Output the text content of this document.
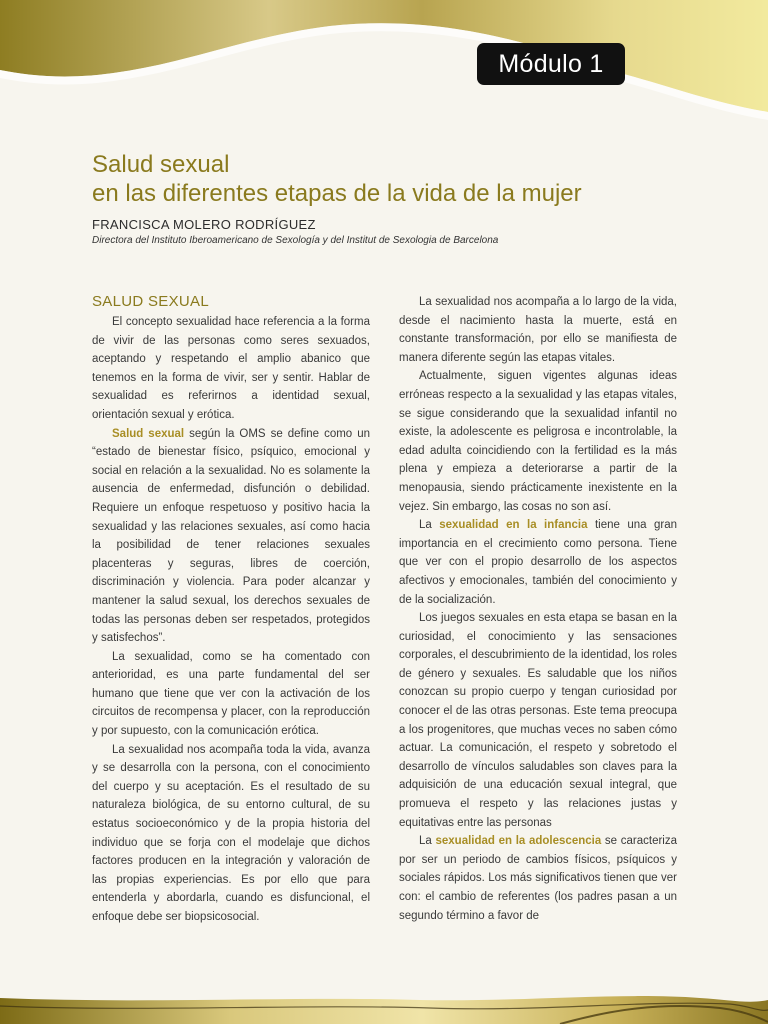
Módulo 1
Salud sexual
en las diferentes etapas de la vida de la mujer
FRANCISCA MOLERO RODRÍGUEZ
Directora del Instituto Iberoamericano de Sexología y del Institut de Sexologia de Barcelona
SALUD SEXUAL

El concepto sexualidad hace referencia a la forma de vivir de las personas como seres sexuados, aceptando y respetando el amplio abanico que tenemos en la forma de vivir, ser y sentir. Hablar de sexualidad es referirnos a identidad sexual, orientación sexual y erótica.

Salud sexual según la OMS se define como un “estado de bienestar físico, psíquico, emocional y social en relación a la sexualidad. No es solamente la ausencia de enfermedad, disfunción o debilidad. Requiere un enfoque respetuoso y positivo hacia la sexualidad y las relaciones sexuales, así como hacia la posibilidad de tener relaciones sexuales placenteras y seguras, libres de coerción, discriminación y violencia. Para poder alcanzar y mantener la salud sexual, los derechos sexuales de todas las personas deben ser respetados, protegidos y satisfechos”.

La sexualidad, como se ha comentado con anterioridad, es una parte fundamental del ser humano que tiene que ver con la activación de los circuitos de recompensa y placer, con la reproducción y por supuesto, con la comunicación erótica.

La sexualidad nos acompaña toda la vida, avanza y se desarrolla con la persona, con el conocimiento del cuerpo y su aceptación. Es el resultado de su naturaleza biológica, de su entorno cultural, de su estatus socioeconómico y de la propia historia del individuo que se forja con el modelaje que dichos factores producen en la integración y valoración de las propias experiencias. Es por ello que para entenderla y abordarla, cuando es disfuncional, el enfoque debe ser biopsicosocial.

La sexualidad nos acompaña a lo largo de la vida, desde el nacimiento hasta la muerte, está en constante transformación, por ello se manifiesta de manera diferente según las etapas vitales.

Actualmente, siguen vigentes algunas ideas erróneas respecto a la sexualidad y las etapas vitales, se sigue considerando que la sexualidad infantil no existe, la adolescente es peligrosa e incontrolable, la edad adulta coincidiendo con la fertilidad es la más plena y empieza a deteriorarse a partir de la menopausia, siendo prácticamente inexistente en la vejez. Sin embargo, las cosas no son así.

La sexualidad en la infancia tiene una gran importancia en el crecimiento como persona. Tiene que ver con el propio desarrollo de los aspectos afectivos y emocionales, también del conocimiento y de la socialización.

Los juegos sexuales en esta etapa se basan en la curiosidad, el conocimiento y las sensaciones corporales, el descubrimiento de la identidad, los roles de género y sexuales. Es saludable que los niños conozcan su propio cuerpo y tengan curiosidad por conocer el de las otras personas. Este tema preocupa a los progenitores, que muchas veces no saben cómo actuar. La comunicación, el respeto y sobretodo el desarrollo de vínculos saludables son claves para la adquisición de una educación sexual integral, que promueva el respeto y las relaciones justas y equitativas entre las personas

La sexualidad en la adolescencia se caracteriza por ser un periodo de cambios físicos, psíquicos y sociales rápidos. Los más significativos tienen que ver con: el cambio de referentes (los padres pasan a un segundo término a favor de
